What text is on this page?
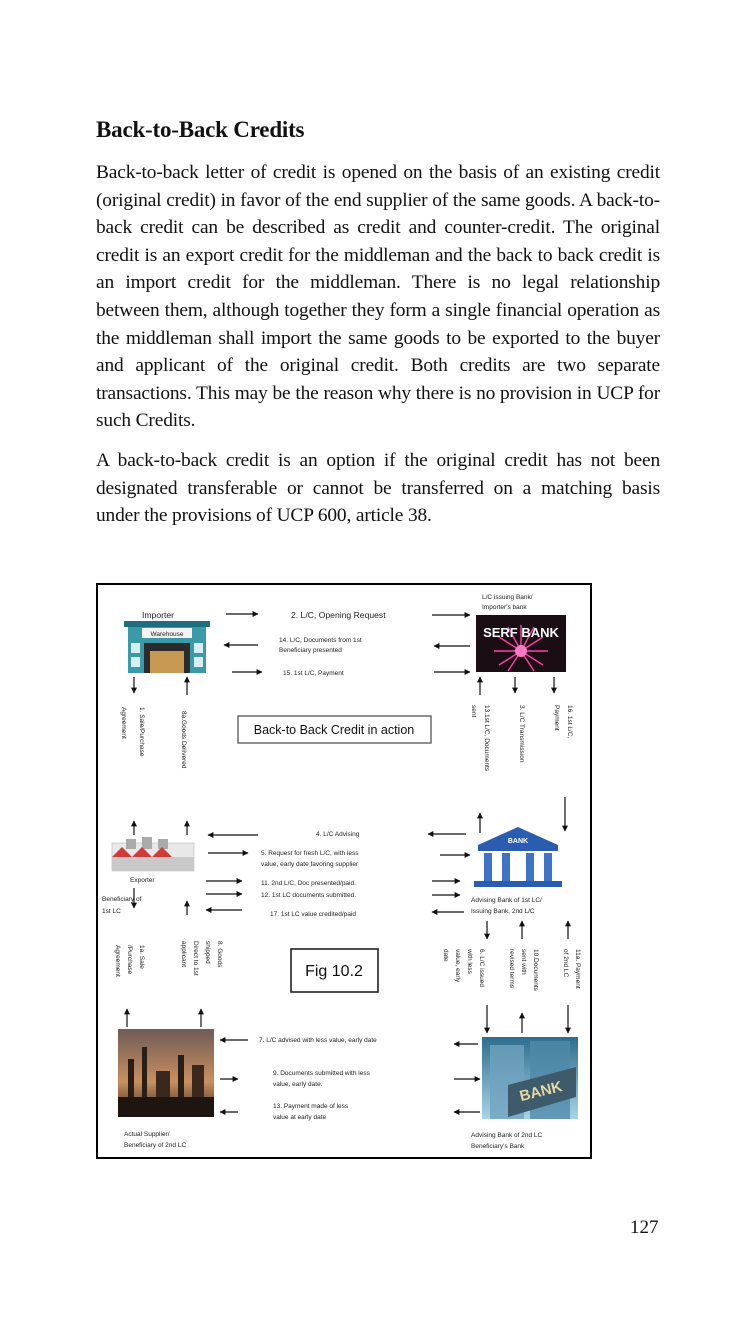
Back-to-Back Credits

Back-to-back letter of credit is opened on the basis of an existing credit (original credit) in favor of the end supplier of the same goods. A back-to-back credit can be described as credit and counter-credit. The original credit is an export credit for the middleman and the back to back credit is an import credit for the middleman. There is no legal relationship between them, although together they form a single financial operation as the middleman shall import the same goods to be exported to the buyer and applicant of the original credit. Both credits are two separate transactions. This may be the reason why there is no provision in UCP for such Credits.

A back-to-back credit is an option if the original credit has not been designated transferable or cannot be transferred on a matching basis under the provisions of UCP 600, article 38.

Importer
Warehouse
L/C issuing Bank/
Importer's bank
SERF BANK
2. L/C, Opening Request
14. L/C, Documents from 1st
Beneficiary presented
15. 1st L/C, Payment
1. Sale/Purchase
Agreement	8a.Goods Delivered	13.1st L/C, Documents
sent	3. L/C Transmission	16. 1st L/C,
Payment
Back-to Back Credit in action
Exporter
Beneficiary of
1st LC
BANK
Advising Bank of 1st LC/
Issuing Bank, 2nd L/C
4. L/C Advising
5. Request for fresh L/C, with less
value, early date favoring supplier
11. 2nd L/C, Doc presented/paid.
12. 1st LC documents submitted.
17. 1st LC value credited/paid
1a. Sale
/Purchase
Agreement	8. Goods
shipped
Direct to 1st
applicant	6. L/C issued
with less
value, early
date	10.Documents
sent with
revised terms	11a. Payment
of 2nd LC
Fig 10.2
Actual Supplier/
Beneficiary of 2nd LC
BANK
Advising Bank of 2nd LC
Beneficiary's Bank
7. L/C advised with less value, early date
9. Documents submitted with less
value, early date.
13. Payment made of less
value at early date

127
